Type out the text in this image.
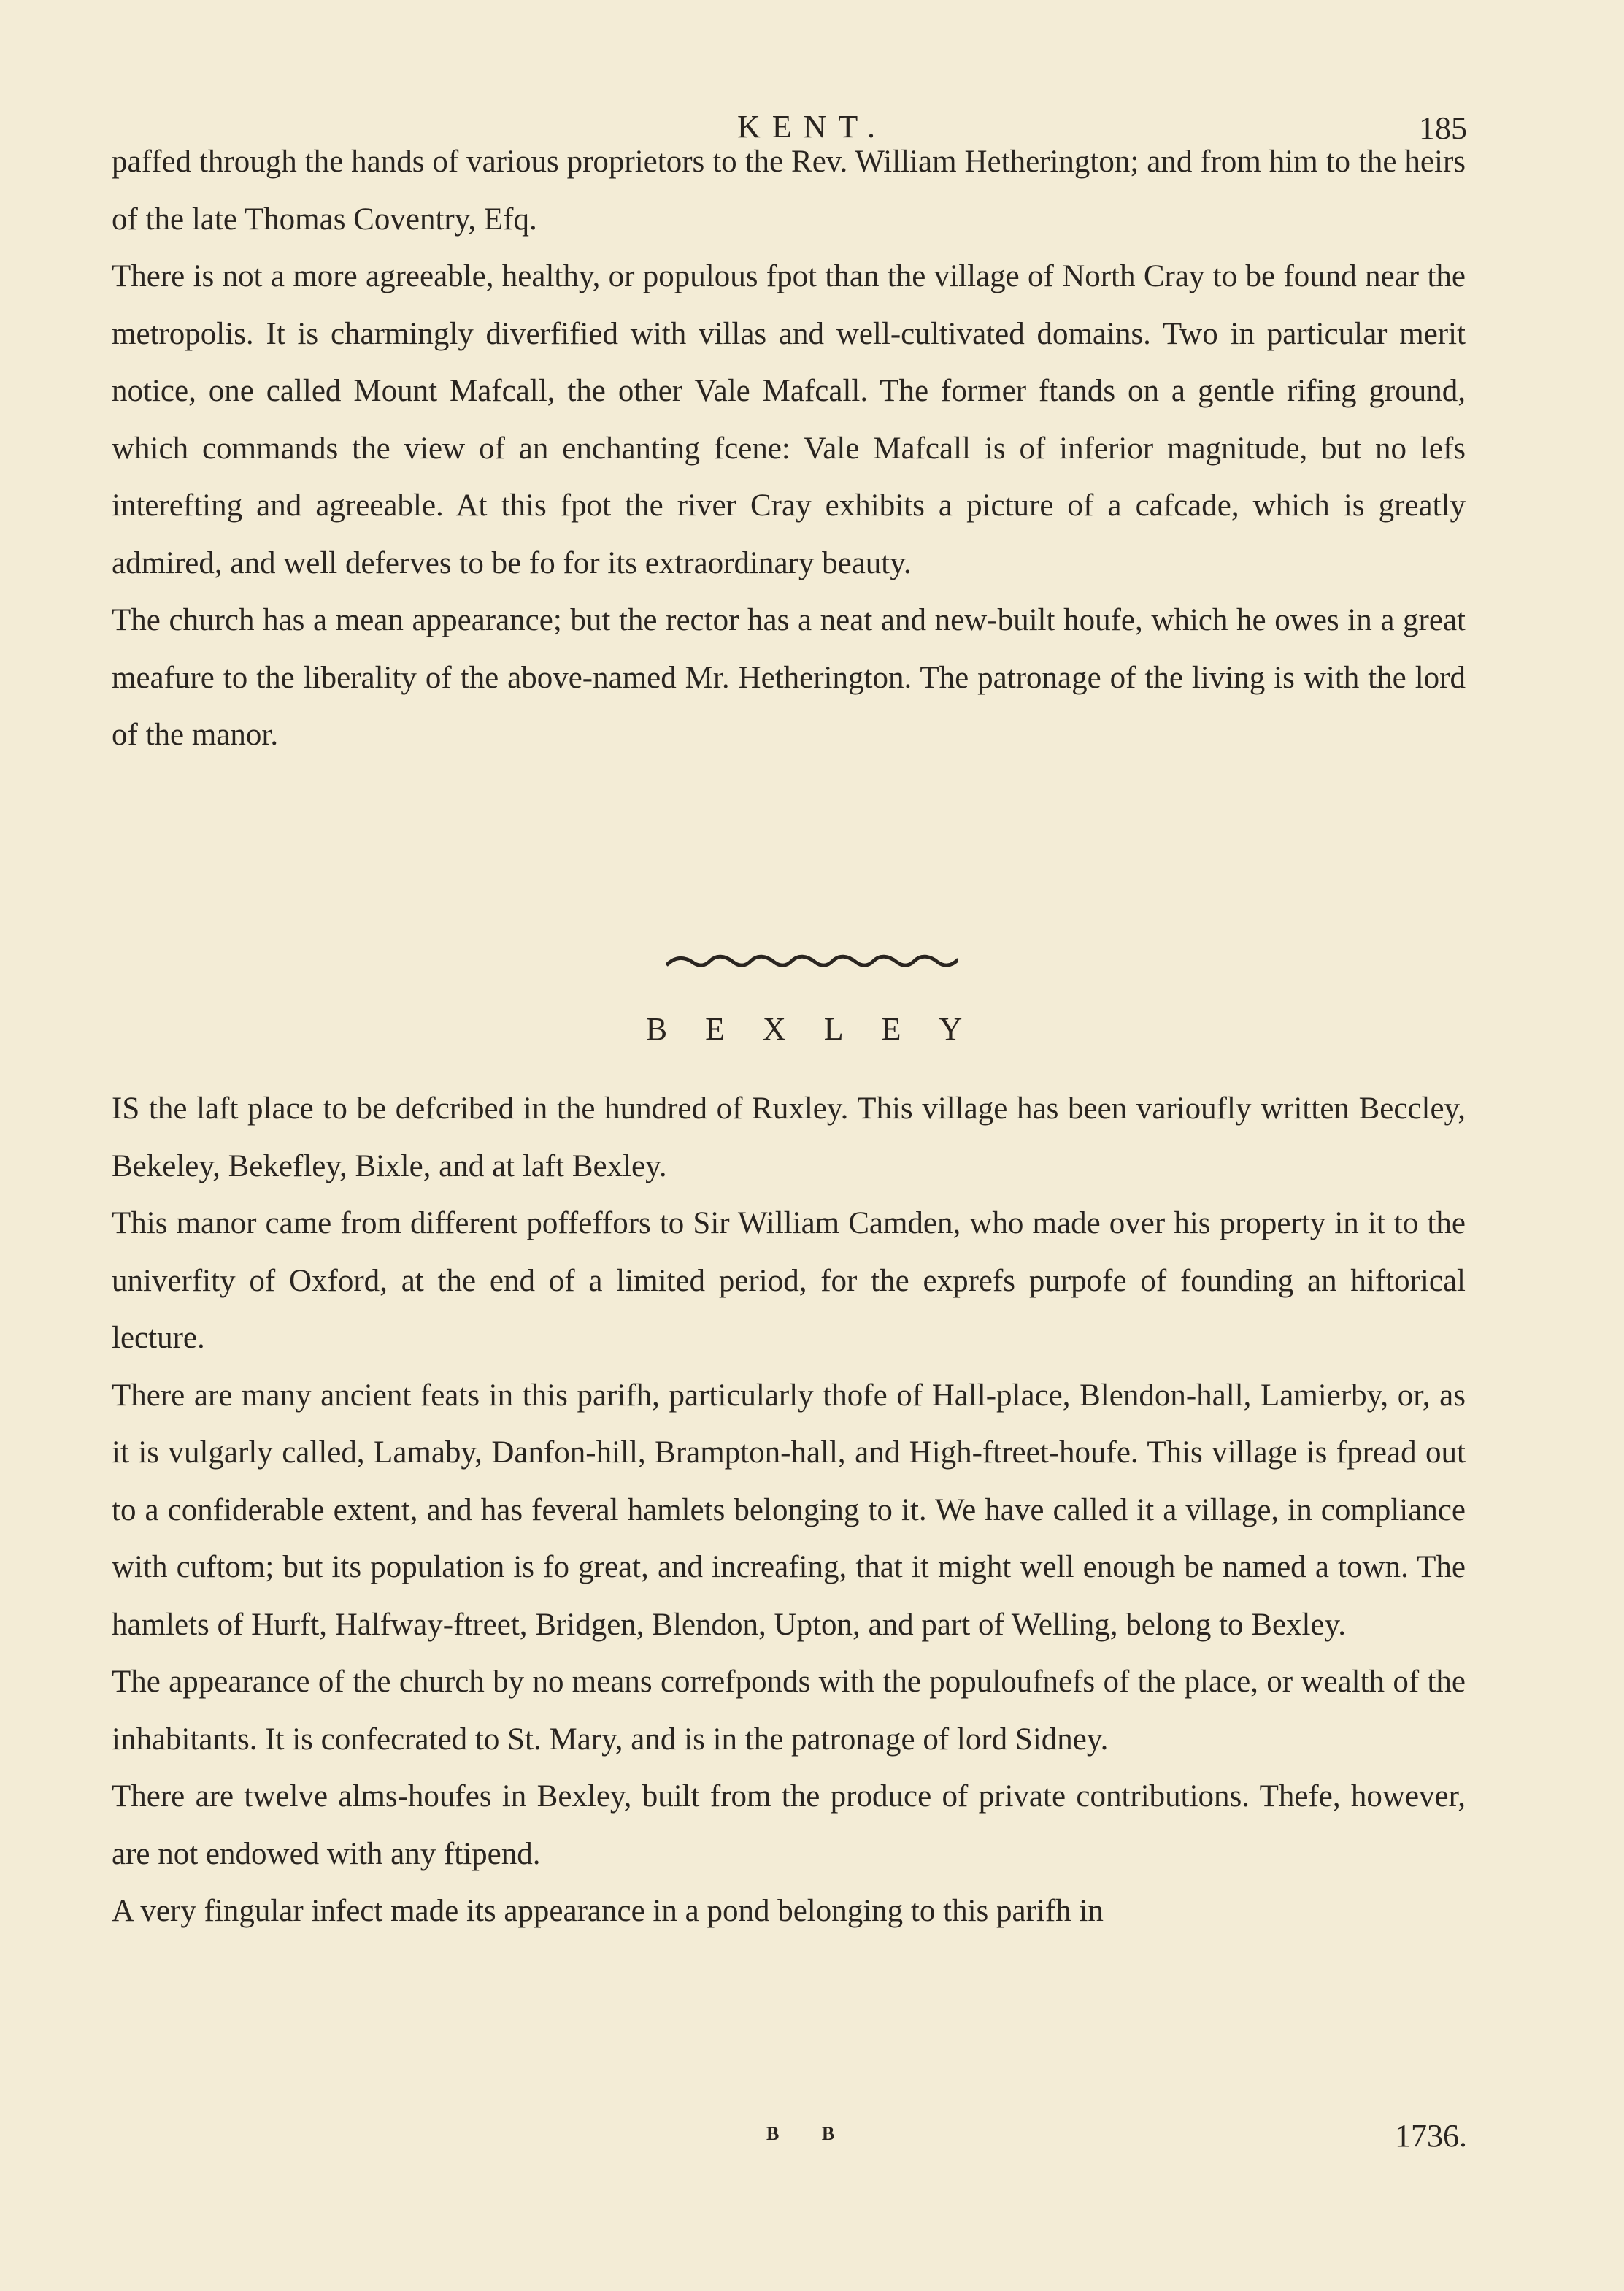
KENT.	185

paffed through the hands of various proprietors to the Rev. William Hetherington; and from him to the heirs of the late Thomas Coventry, Efq.

There is not a more agreeable, healthy, or populous fpot than the village of North Cray to be found near the metropolis. It is charmingly diverfified with villas and well-cultivated domains. Two in particular merit notice, one called Mount Mafcall, the other Vale Mafcall. The former ftands on a gentle rifing ground, which commands the view of an enchanting fcene: Vale Mafcall is of inferior magnitude, but no lefs interefting and agreeable. At this fpot the river Cray exhibits a picture of a cafcade, which is greatly admired, and well deferves to be fo for its extraordinary beauty.

The church has a mean appearance; but the rector has a neat and new-built houfe, which he owes in a great meafure to the liberality of the above-named Mr. Hetherington. The patronage of the living is with the lord of the manor.

BEXLEY

IS the laft place to be defcribed in the hundred of Ruxley. This village has been varioufly written Beccley, Bekeley, Bekefley, Bixle, and at laft Bexley.

This manor came from different poffeffors to Sir William Camden, who made over his property in it to the univerfity of Oxford, at the end of a limited period, for the exprefs purpofe of founding an hiftorical lecture.

There are many ancient feats in this parifh, particularly thofe of Hall-place, Blendon-hall, Lamierby, or, as it is vulgarly called, Lamaby, Danfon-hill, Brampton-hall, and High-ftreet-houfe. This village is fpread out to a confiderable extent, and has feveral hamlets belonging to it. We have called it a village, in compliance with cuftom; but its population is fo great, and increafing, that it might well enough be named a town. The hamlets of Hurft, Halfway-ftreet, Bridgen, Blendon, Upton, and part of Welling, belong to Bexley.

The appearance of the church by no means correfponds with the populoufnefs of the place, or wealth of the inhabitants. It is confecrated to St. Mary, and is in the patronage of lord Sidney.

There are twelve alms-houfes in Bexley, built from the produce of private contributions. Thefe, however, are not endowed with any ftipend.

A very fingular infect made its appearance in a pond belonging to this parifh in

B B	1736.
